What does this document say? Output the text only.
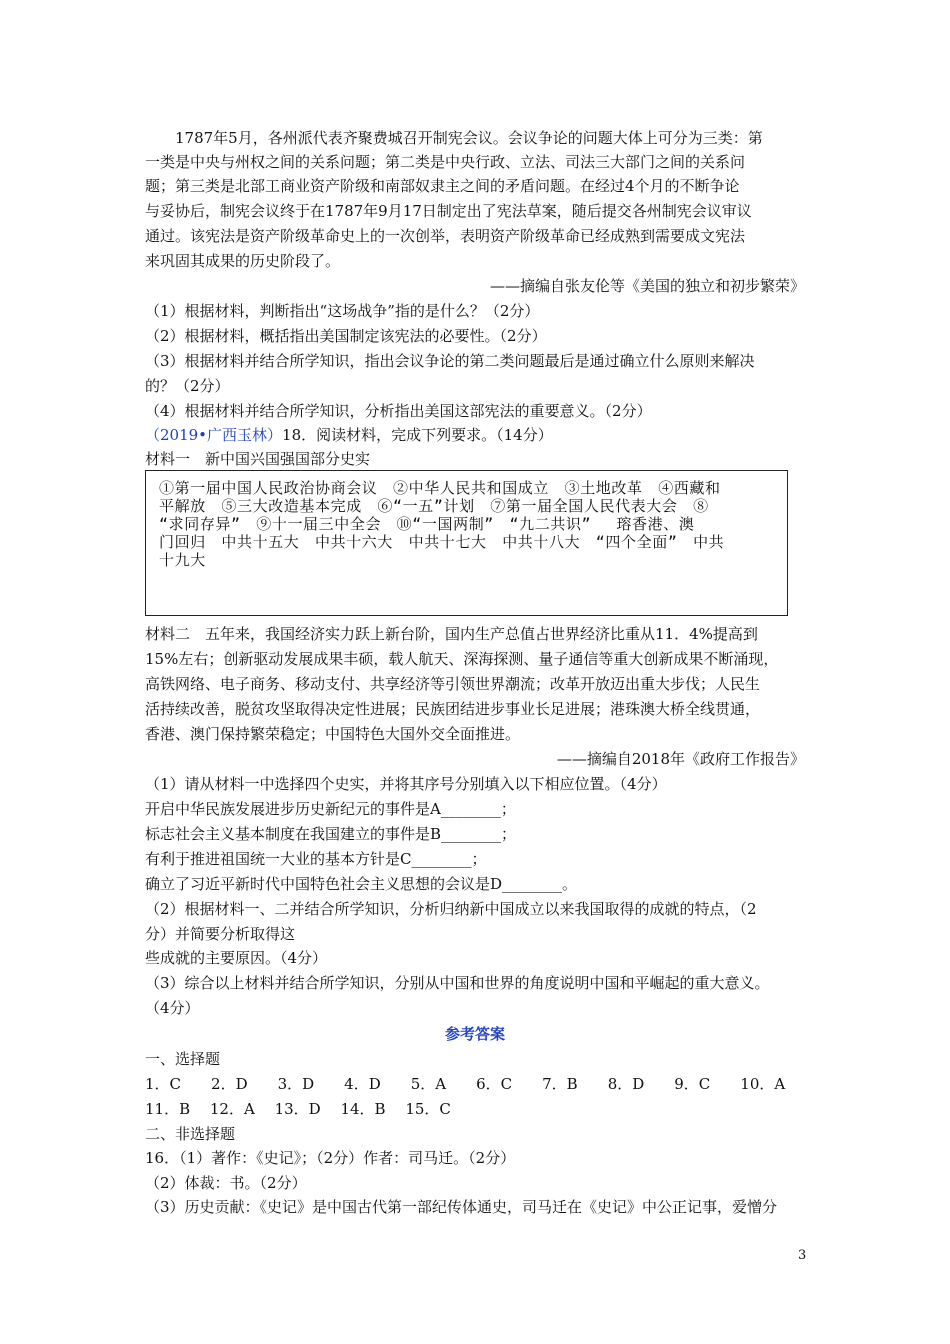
1787年5月，各州派代表齐聚费城召开制宪会议。会议争论的问题大体上可分为三类：第
一类是中央与州权之间的关系问题；第二类是中央行政、立法、司法三大部门之间的关系问
题；第三类是北部工商业资产阶级和南部奴隶主之间的矛盾问题。在经过4个月的不断争论
与妥协后，制宪会议终于在1787年9月17日制定出了宪法草案，随后提交各州制宪会议审议
通过。该宪法是资产阶级革命史上的一次创举，表明资产阶级革命已经成熟到需要成文宪法
来巩固其成果的历史阶段了。
——摘编自张友伦等《美国的独立和初步繁荣》
（1）根据材料，判断指出“这场战争”指的是什么？（2分）
（2）根据材料，概括指出美国制定该宪法的必要性。（2分）
（3）根据材料并结合所学知识，指出会议争论的第二类问题最后是通过确立什么原则来解决
的？（2分）
（4）根据材料并结合所学知识，分析指出美国这部宪法的重要意义。（2分）
（2019•广西玉林）18．阅读材料，完成下列要求。（14分）
材料一　新中国兴国强国部分史实
①第一届中国人民政治协商会议　②中华人民共和国成立　③土地改革　④西藏和
平解放　⑤三大改造基本完成　⑥“一五”计划　⑦第一届全国人民代表大会　⑧
“求同存异”　⑨十一届三中全会　⑩“一国两制”　“九二共识”　 瑢香港、澳
门回归　中共十五大　中共十六大　中共十七大　中共十八大　“四个全面”　中共
十九大
材料二　五年来，我国经济实力跃上新台阶，国内生产总值占世界经济比重从11．4%提高到
15%左右；创新驱动发展成果丰硕，载人航天、深海探测、量子通信等重大创新成果不断涌现，
高铁网络、电子商务、移动支付、共享经济等引领世界潮流；改革开放迈出重大步伐；人民生
活持续改善，脱贫攻坚取得决定性进展；民族团结进步事业长足进展；港珠澳大桥全线贯通，
香港、澳门保持繁荣稳定；中国特色大国外交全面推进。
——摘编自2018年《政府工作报告》
（1）请从材料一中选择四个史实，并将其序号分别填入以下相应位置。（4分）
开启中华民族发展进步历史新纪元的事件是A________；
标志社会主义基本制度在我国建立的事件是B________；
有利于推进祖国统一大业的基本方针是C________；
确立了习近平新时代中国特色社会主义思想的会议是D________。
（2）根据材料一、二并结合所学知识，分析归纳新中国成立以来我国取得的成就的特点，（2
分）并简要分析取得这
些成就的主要原因。（4分）
（3）综合以上材料并结合所学知识，分别从中国和世界的角度说明中国和平崛起的重大意义。
（4分）
参考答案
一、选择题
1．C　　2．D　　3．D　　4．D　　5．A　　6．C　　7．B　　8．D　　9．C　　10．A
11．B　 12．A　 13．D　 14．B　 15．C
二、非选择题
16．（1）著作：《史记》；（2分）作者：司马迁。（2分）
（2）体裁：书。（2分）
（3）历史贡献：《史记》是中国古代第一部纪传体通史，司马迁在《史记》中公正记事，爱憎分
3
